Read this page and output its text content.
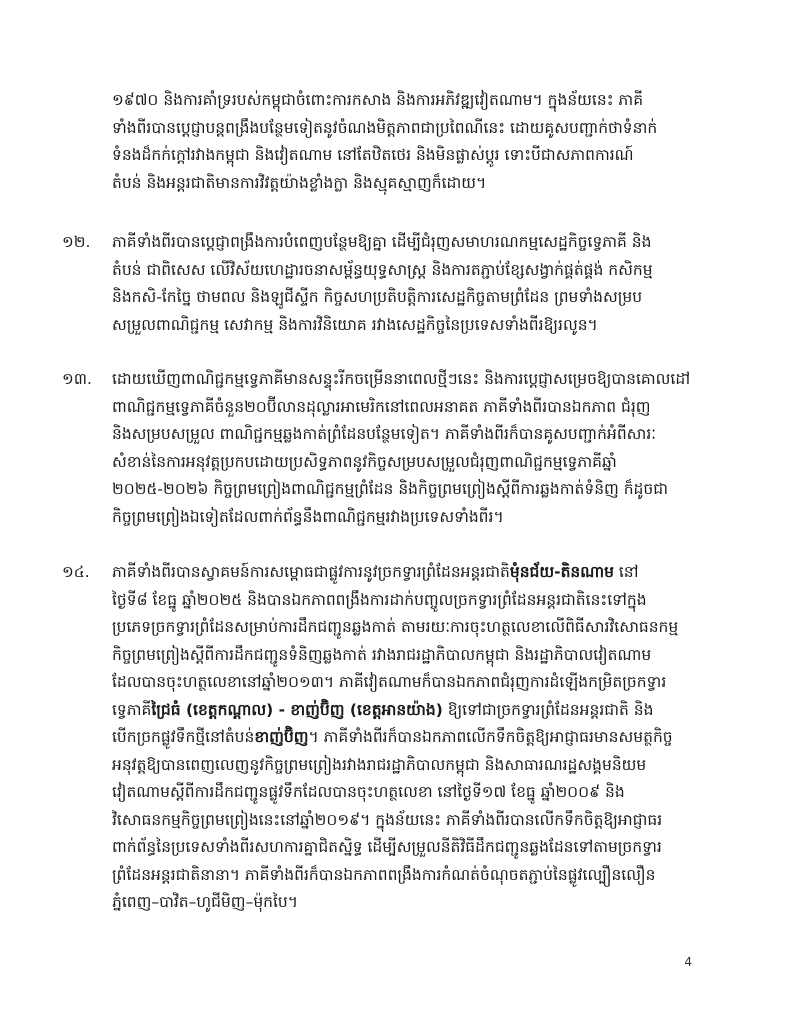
១៩៧០ និងការគាំទ្ររបស់កម្ពុជាចំពោះការកសាង និងការអភិវឌ្ឍវៀតណាម។ ក្នុងន័យនេះ ភាគី
ទាំងពីរបានប្ដេជ្ញាបន្តពង្រឹងបន្ថែមទៀតនូវចំណងមិត្តភាពជាប្រពៃណីនេះ ដោយគូសបញ្ជាក់ថាទំនាក់
ទំនងដ៏កក់ក្ដៅរវាងកម្ពុជា និងវៀតណាម នៅតែឋិតថេរ និងមិនផ្លាស់ប្ដូរ ទោះបីជាសភាពការណ៍
តំបន់ និងអន្តរជាតិមានការវិវត្តយ៉ាងខ្លាំងក្លា និងស្មុគស្មាញក៏ដោយ។
១២.	ភាគីទាំងពីរបានប្ដេជ្ញាពង្រឹងការបំពេញបន្ថែមឱ្យគ្នា ដើម្បីជំរុញសមាហរណកម្មសេដ្ឋកិច្ចទ្វេភាគី និង
តំបន់ ជាពិសេស លើវិស័យហេដ្ឋារចនាសម្ព័ន្ធយុទ្ធសាស្ត្រ និងការតភ្ជាប់ខ្សែសង្វាក់ផ្គត់ផ្គង់ កសិកម្ម
និងកសិ-កែច្នៃ ថាមពល និងឡូជីស្ទីក កិច្ចសហប្រតិបត្តិការសេដ្ឋកិច្ចតាមព្រំដែន ព្រមទាំងសម្រប
សម្រួលពាណិជ្ជកម្ម សេវាកម្ម និងការវិនិយោគ រវាងសេដ្ឋកិច្ចនៃប្រទេសទាំងពីរឱ្យរលូន។
១៣.	ដោយឃើញពាណិជ្ជកម្មទ្វេភាគីមានសន្ទុះរីកចម្រើននាពេលថ្មីៗនេះ និងការប្ដេជ្ញាសម្រេចឱ្យបានគោលដៅ
ពាណិជ្ជកម្មទ្វេភាគីចំនួន២០ប៊ីលានដុល្លារអាមេរិកនៅពេលអនាគត ភាគីទាំងពីរបានឯកភាព ជំរុញ
និងសម្របសម្រួល ពាណិជ្ជកម្មឆ្លងកាត់ព្រំដែនបន្ថែមទៀត។ ភាគីទាំងពីរក៏បានគូសបញ្ជាក់អំពីសារៈ
សំខាន់នៃការអនុវត្តប្រកបដោយប្រសិទ្ធភាពនូវកិច្ចសម្របសម្រួលជំរុញពាណិជ្ជកម្មទ្វេភាគីឆ្នាំ
២០២៥-២០២៦ កិច្ចព្រមព្រៀងពាណិជ្ជកម្មព្រំដែន និងកិច្ចព្រមព្រៀងស្ដីពីការឆ្លងកាត់ទំនិញ ក៏ដូចជា
កិច្ចព្រមព្រៀងឯទៀតដែលពាក់ព័ន្ធនឹងពាណិជ្ជកម្មរវាងប្រទេសទាំងពីរ។
១៤.	ភាគីទាំងពីរបានស្វាគមន៍ការសម្ពោធជាផ្លូវការនូវច្រកទ្វារព្រំដែនអន្តរជាតិមុំនជ័យ-តិនណាម នៅ
ថ្ងៃទី៨ ខែធ្នូ ឆ្នាំ២០២៥ និងបានឯកភាពពង្រឹងការដាក់បញ្ចូលច្រកទ្វារព្រំដែនអន្តរជាតិនេះទៅក្នុង
ប្រភេទច្រកទ្វារព្រំដែនសម្រាប់ការដឹកជញ្ជូនឆ្លងកាត់ តាមរយៈការចុះហត្ថលេខាលើពិធីសារវិសោធនកម្ម
កិច្ចព្រមព្រៀងស្ដីពីការដឹកជញ្ជូនទំនិញឆ្លងកាត់ រវាងរាជរដ្ឋាភិបាលកម្ពុជា និងរដ្ឋាភិបាលវៀតណាម
ដែលបានចុះហត្ថលេខានៅឆ្នាំ២០១៣។ ភាគីវៀតណាមក៏បានឯកភាពជំរុញការដំឡើងកម្រិតច្រកទ្វារ
ទ្វេភាគីជ្រៃធំ (ខេត្តកណ្ដាល) - ខាញ់ប៊ិញ (ខេត្តអានយ៉ាង) ឱ្យទៅជាច្រកទ្វារព្រំដែនអន្តរជាតិ និង
បើកច្រកផ្លូវទឹកថ្មីនៅតំបន់ខាញ់ប៊ិញ។ ភាគីទាំងពីរក៏បានឯកភាពលើកទឹកចិត្តឱ្យអាជ្ញាធរមានសមត្ថកិច្ច
អនុវត្តឱ្យបានពេញលេញនូវកិច្ចព្រមព្រៀងរវាងរាជរដ្ឋាភិបាលកម្ពុជា និងសាធារណរដ្ឋសង្គមនិយម
វៀតណាមស្ដីពីការដឹកជញ្ជូនផ្លូវទឹកដែលបានចុះហត្ថលេខា នៅថ្ងៃទី១៧ ខែធ្នូ ឆ្នាំ២០០៩ និង
វិសោធនកម្មកិច្ចព្រមព្រៀងនេះនៅឆ្នាំ២០១៩។ ក្នុងន័យនេះ ភាគីទាំងពីរបានលើកទឹកចិត្តឱ្យអាជ្ញាធរ
ពាក់ព័ន្ធនៃប្រទេសទាំងពីរសហការគ្នាជិតស្និទ្ធ ដើម្បីសម្រួលនីតិវិធីដឹកជញ្ជូនឆ្លងដែនទៅតាមច្រកទ្វារ
ព្រំដែនអន្តរជាតិនានា។ ភាគីទាំងពីរក៏បានឯកភាពពង្រឹងការកំណត់ចំណុចតភ្ជាប់នៃផ្លូវល្បឿនលឿន
ភ្នំពេញ–បាវិត–ហូជីមិញ–ម៉ុកបៃ។
4
